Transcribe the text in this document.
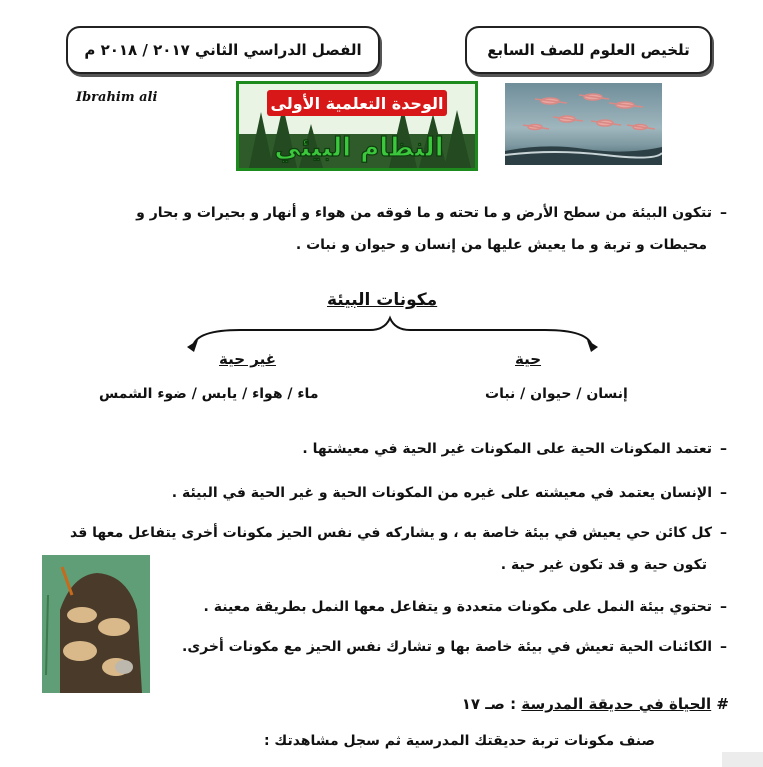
الفصل الدراسي الثاني ٢٠١٧ / ٢٠١٨ م	تلخيص العلوم للصف السابع
Ibrahim ali	الوحدة التعلمية الأولى
النظام البيئي
–تتكون البيئة من سطح الأرض و ما تحته و ما فوقه من هواء و أنهار و بحيرات و بحار و
محيطات و تربة و ما يعيش عليها من إنسان و حيوان و نبات .
مكونات البيئة
حية
غير حية
إنسان / حيوان / نبات
ماء / هواء / يابس / ضوء الشمس
–تعتمد المكونات الحية على المكونات غير الحية في معيشتها .
–الإنسان يعتمد في معيشته على غيره من المكونات الحية و غير الحية في البيئة .
–كل كائن حي يعيش في بيئة خاصة به ، و يشاركه في نفس الحيز مكونات أخرى يتفاعل معها قد
تكون حية و قد تكون غير حية .
–تحتوي بيئة النمل على مكونات متعددة و يتفاعل معها النمل بطريقة معينة .
–الكائنات الحية تعيش في بيئة خاصة بها و تشارك نفس الحيز مع مكونات أخرى.
# الحياة في حديقة المدرسة : صـ ١٧
صنف مكونات تربة حديقتك المدرسية ثم سجل مشاهدتك :
